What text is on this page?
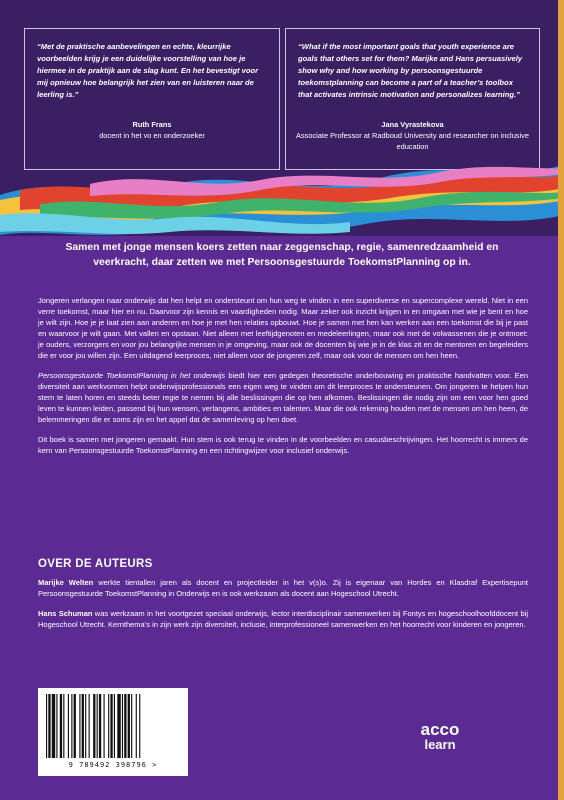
“Met de praktische aanbevelingen en echte, kleurrijke voorbeelden krijg je een duidelijke voorstelling van hoe je hiermee in de praktijk aan de slag kunt. En het bevestigt voor mij opnieuw hoe belangrijk het zien van en luisteren naar de leerling is.”

Ruth Frans
docent in het vo en onderzoeker

“What if the most important goals that youth experience are goals that others set for them? Marijke and Hans persuasively show why and how working by persoonsgestuurde toekomstplanning can become a part of a teacher’s toolbox that activates intrinsic motivation and personalizes learning.”

Jana Vyrastekova
Associate Professor at Radboud University and researcher on inclusive education

Samen met jonge mensen koers zetten naar zeggenschap, regie, samenredzaamheid en veerkracht, daar zetten we met Persoonsgestuurde ToekomstPlanning op in.

Jongeren verlangen naar onderwijs dat hen helpt en ondersteunt om hun weg te vinden in een superdiverse en supercomplexe wereld. Niet in een verre toekomst, maar hier en nu. Daarvoor zijn kennis en vaardigheden nodig. Maar zeker ook inzicht krijgen in en omgaan met wie je bent en hoe je wilt zijn. Hoe je je laat zien aan anderen en hoe je met hen relaties opbouwt. Hoe je samen met hen kan werken aan een toekomst die bij je past en waarvoor je wilt gaan. Met vallen en opstaan. Niet alleen met leeftijdgenoten en medeleerlingen, maar ook met de volwassenen die je ontmoet: je ouders, verzorgers en voor jou belangrijke mensen in je omgeving, maar ook de docenten bij wie je in de klas zit en de mentoren en begeleiders die er voor jou willen zijn. Een uitdagend leerproces, niet alleen voor de jongeren zelf, maar ook voor de mensen om hen heen.

Persoonsgestuurde ToekomstPlanning in het onderwijs biedt hier een gedegen theoretische onderbouwing en praktische handvatten voor. Een diversiteit aan werkvormen helpt onderwijsprofessionals een eigen weg te vinden om dit leerproces te ondersteunen. Om jongeren te helpen hun stem te laten horen en steeds beter regie te nemen bij alle beslissingen die op hen afkomen. Beslissingen die nodig zijn om een voor hen goed leven te kunnen leiden, passend bij hun wensen, verlangens, ambities en talenten. Maar die ook rekening houden met de mensen om hen heen, de belemmeringen die er soms zijn en het appel dat de samenleving op hen doet.

Dit boek is samen met jongeren gemaakt. Hun stem is ook terug te vinden in de voorbeelden en casusbeschrijvingen. Het hoorrecht is immers de kern van Persoonsgestuurde ToekomstPlanning en een richtingwijzer voor inclusief onderwijs.

OVER DE AUTEURS

Marijke Welten werkte tientallen jaren als docent en projectleider in het v(s)o. Zij is eigenaar van Hordes en Klasdraf Expertisepunt Persoonsgestuurde ToekomstPlanning in Onderwijs en is ook werkzaam als docent aan Hogeschool Utrecht.

Hans Schuman was werkzaam in het voortgezet speciaal onderwijs, lector interdisciplinair samenwerken bij Fontys en hogeschoolhoofddocent bij Hogeschool Utrecht. Kernthema’s in zijn werk zijn diversiteit, inclusie, interprofessioneel samenwerken en het hoorrecht voor kinderen en jongeren.

9 789492 398796 >
acco
learn
